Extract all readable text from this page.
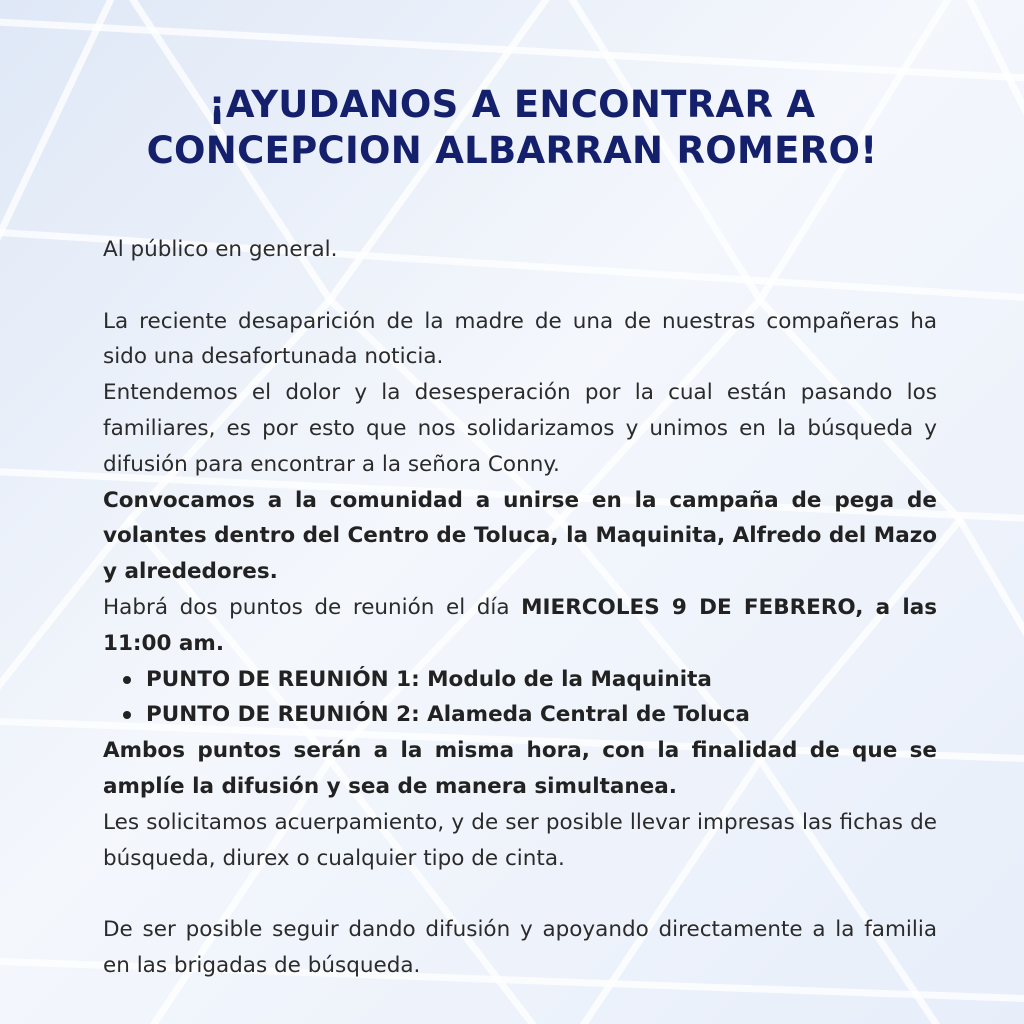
¡AYUDANOS A ENCONTRAR A
CONCEPCION ALBARRAN ROMERO!

Al público en general.

La reciente desaparición de la madre de una de nuestras compañeras ha sido una desafortunada noticia.

Entendemos el dolor y la desesperación por la cual están pasando los familiares, es por esto que nos solidarizamos y unimos en la búsqueda y difusión para encontrar a la señora Conny.

Convocamos a la comunidad a unirse en la campaña de pega de volantes dentro del Centro de Toluca, la Maquinita, Alfredo del Mazo y alrededores.

Habrá dos puntos de reunión el día MIERCOLES 9 DE FEBRERO, a las 11:00 am.

PUNTO DE REUNIÓN 1: Modulo de la Maquinita
PUNTO DE REUNIÓN 2: Alameda Central de Toluca

Ambos puntos serán a la misma hora, con la finalidad de que se amplíe la difusión y sea de manera simultanea.

Les solicitamos acuerpamiento, y de ser posible llevar impresas las fichas de búsqueda, diurex o cualquier tipo de cinta.

De ser posible seguir dando difusión y apoyando directamente a la familia en las brigadas de búsqueda.
